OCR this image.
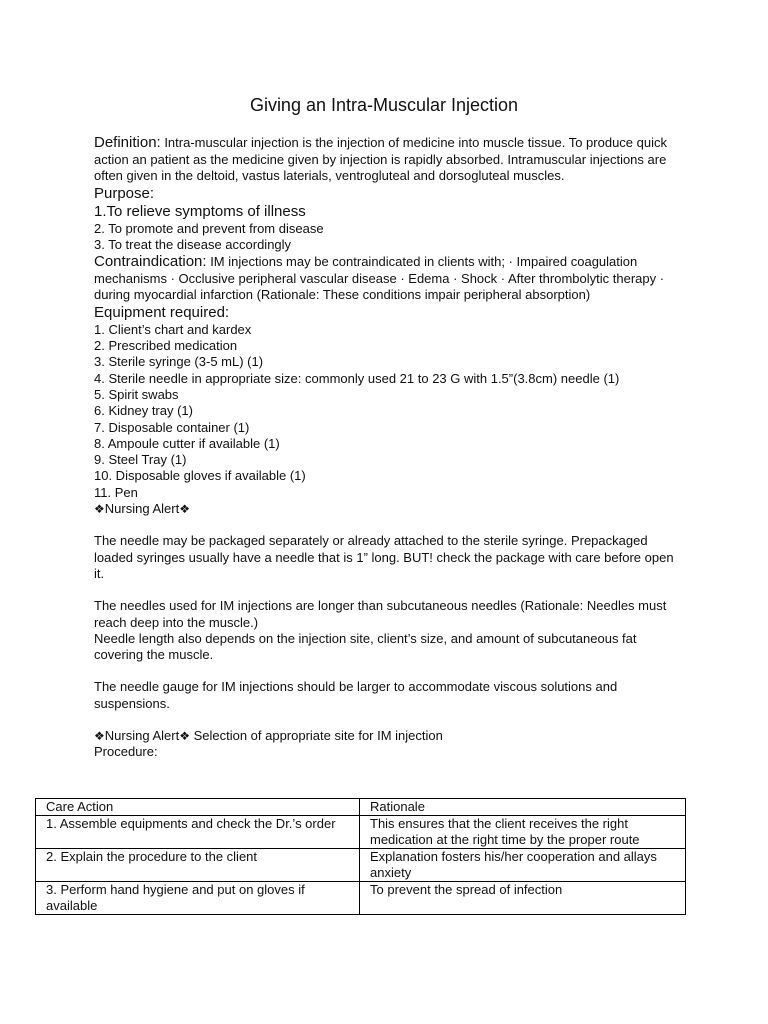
Giving an Intra-Muscular Injection

Definition: Intra-muscular injection is the injection of medicine into muscle tissue. To produce quick action an patient as the medicine given by injection is rapidly absorbed. Intramuscular injections are often given in the deltoid, vastus laterials, ventrogluteal and dorsogluteal muscles.

Purpose:

1.To relieve symptoms of illness

2. To promote and prevent from disease

3. To treat the disease accordingly

Contraindication: IM injections may be contraindicated in clients with; · Impaired coagulation mechanisms · Occlusive peripheral vascular disease · Edema · Shock · After thrombolytic therapy · during myocardial infarction (Rationale: These conditions impair peripheral absorption)

Equipment required:

1. Client’s chart and kardex

2. Prescribed medication

3. Sterile syringe (3-5 mL) (1)

4. Sterile needle in appropriate size: commonly used 21 to 23 G with 1.5”(3.8cm) needle (1)

5. Spirit swabs

6. Kidney tray (1)

7. Disposable container (1)

8. Ampoule cutter if available (1)

9. Steel Tray (1)

10. Disposable gloves if available (1)

11. Pen

❖Nursing Alert❖

The needle may be packaged separately or already attached to the sterile syringe. Prepackaged loaded syringes usually have a needle that is 1” long. BUT! check the package with care before open it.

The needles used for IM injections are longer than subcutaneous needles (Rationale: Needles must reach deep into the muscle.)

Needle length also depends on the injection site, client’s size, and amount of subcutaneous fat covering the muscle.

The needle gauge for IM injections should be larger to accommodate viscous solutions and suspensions.

❖Nursing Alert❖ Selection of appropriate site for IM injection

Procedure:

Care Action	Rationale
1. Assemble equipments and check the Dr.’s order	This ensures that the client receives the right medication at the right time by the proper route
2. Explain the procedure to the client	Explanation fosters his/her cooperation and allays anxiety
3. Perform hand hygiene and put on gloves if available	To prevent the spread of infection
